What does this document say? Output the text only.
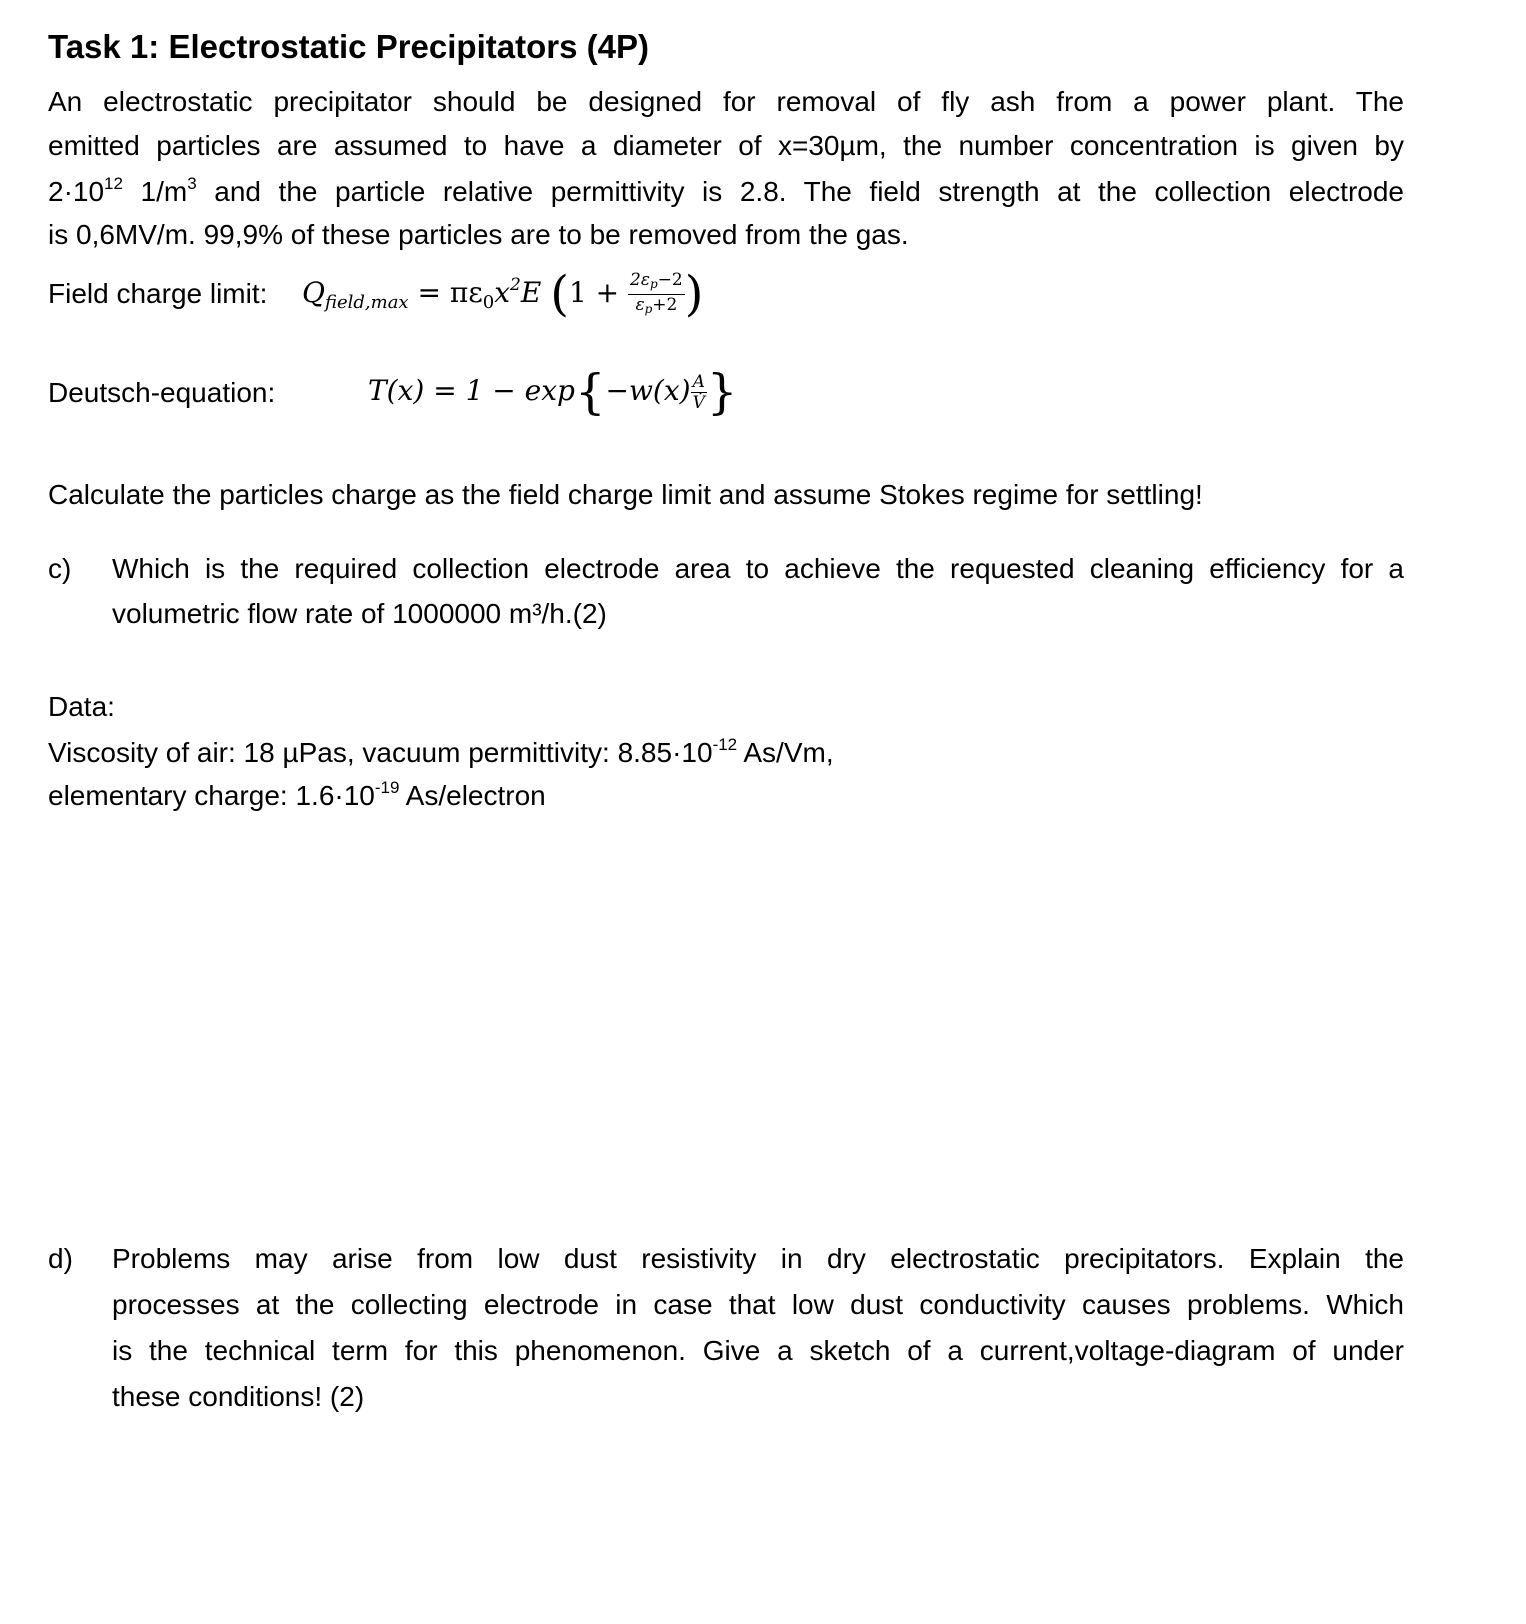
Task 1: Electrostatic Precipitators (4P)
An electrostatic precipitator should be designed for removal of fly ash from a power plant. The
emitted particles are assumed to have a diameter of x=30µm, the number concentration is given by
$2\cdot 10^{12}$ $1/m^3$ and the particle relative permittivity is 2.8. The field strength at the collection electrode
is 0,6MV/m. 99,9% of these particles are to be removed from the gas.
Field charge limit: $Q_{field,max} = \pi\varepsilon_0x^2E$ ($1 + \frac{2\varepsilon_p-2}{\varepsilon_p+2}$ )
Deutsch-equation:	$T(x) = 1 - \exp\{-w(x) \frac{A}{V̇}$ }
Calculate the particles charge as the field charge limit and assume Stokes regime for settling!
c) Which is the required collection electrode area to achieve the requested cleaning efficiency for a
volumetric flow rate of 1000000 m³/h.(2)
Data:
Viscosity of air: 18 µPas, vacuum permittivity: $8.85\cdot 10^{-12}$ As/Vm,
elementary charge: $1.6\cdot 10^{-19}$ As/electron
d) Problems may arise from low dust resistivity in dry electrostatic precipitators. Explain the
processes at the collecting electrode in case that low dust conductivity causes problems. Which
is the technical term for this phenomenon. Give a sketch of a current,voltage-diagram of under
these conditions! (2)
